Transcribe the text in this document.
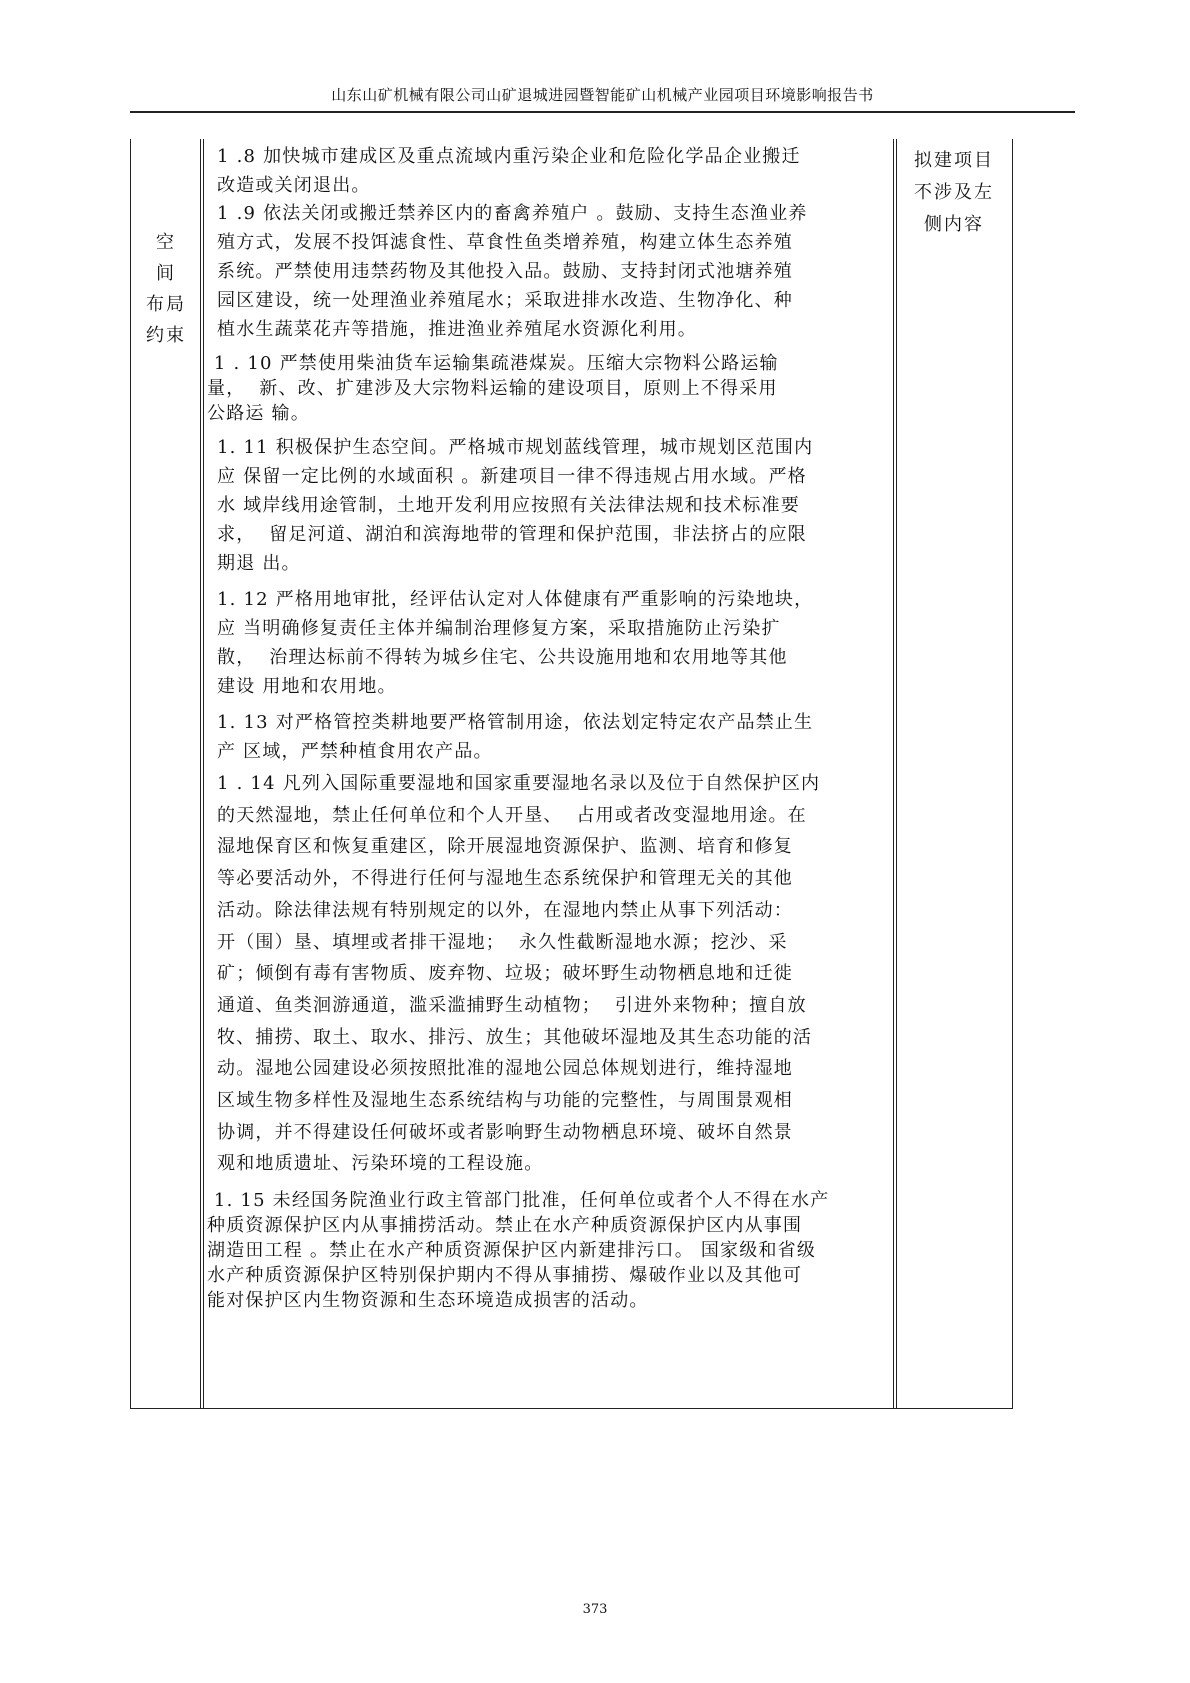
山东山矿机械有限公司山矿退城进园暨智能矿山机械产业园项目环境影响报告书
空
间
布局
约束
1 .8 加快城市建成区及重点流域内重污染企业和危险化学品企业搬迁
改造或关闭退出。
1 .9 依法关闭或搬迁禁养区内的畜禽养殖户 。鼓励、支持生态渔业养
殖方式，发展不投饵滤食性、草食性鱼类增养殖，构建立体生态养殖
系统。严禁使用违禁药物及其他投入品。鼓励、支持封闭式池塘养殖
园区建设，统一处理渔业养殖尾水；采取进排水改造、生物净化、种
植水生蔬菜花卉等措施，推进渔业养殖尾水资源化利用。
1 . 10 严禁使用柴油货车运输集疏港煤炭。压缩大宗物料公路运输
量，  新、改、扩建涉及大宗物料运输的建设项目，原则上不得采用
公路运 输。
1. 11 积极保护生态空间。严格城市规划蓝线管理，城市规划区范围内
应 保留一定比例的水域面积 。新建项目一律不得违规占用水域。严格
水 域岸线用途管制，土地开发利用应按照有关法律法规和技术标准要
求，  留足河道、湖泊和滨海地带的管理和保护范围，非法挤占的应限
期退 出。
1. 12 严格用地审批，经评估认定对人体健康有严重影响的污染地块，
应 当明确修复责任主体并编制治理修复方案，采取措施防止污染扩
散，  治理达标前不得转为城乡住宅、公共设施用地和农用地等其他
建设 用地和农用地。
1. 13 对严格管控类耕地要严格管制用途，依法划定特定农产品禁止生
产 区域，严禁种植食用农产品。
1 . 14 凡列入国际重要湿地和国家重要湿地名录以及位于自然保护区内
的天然湿地，禁止任何单位和个人开垦、  占用或者改变湿地用途。在
湿地保育区和恢复重建区，除开展湿地资源保护、监测、培育和修复
等必要活动外，不得进行任何与湿地生态系统保护和管理无关的其他
活动。除法律法规有特别规定的以外，在湿地内禁止从事下列活动：
开（围）垦、填埋或者排干湿地；  永久性截断湿地水源；挖沙、采
矿；倾倒有毒有害物质、废弃物、垃圾；破坏野生动物栖息地和迁徙
通道、鱼类洄游通道，滥采滥捕野生动植物；  引进外来物种；擅自放
牧、捕捞、取土、取水、排污、放生；其他破坏湿地及其生态功能的活
动。湿地公园建设必须按照批准的湿地公园总体规划进行，维持湿地
区域生物多样性及湿地生态系统结构与功能的完整性，与周围景观相
协调，并不得建设任何破坏或者影响野生动物栖息环境、破坏自然景
观和地质遗址、污染环境的工程设施。
1. 15 未经国务院渔业行政主管部门批准，任何单位或者个人不得在水产
种质资源保护区内从事捕捞活动。禁止在水产种质资源保护区内从事围
湖造田工程 。禁止在水产种质资源保护区内新建排污口。 国家级和省级
水产种质资源保护区特别保护期内不得从事捕捞、爆破作业以及其他可
能对保护区内生物资源和生态环境造成损害的活动。
拟建项目
不涉及左
侧内容
373
